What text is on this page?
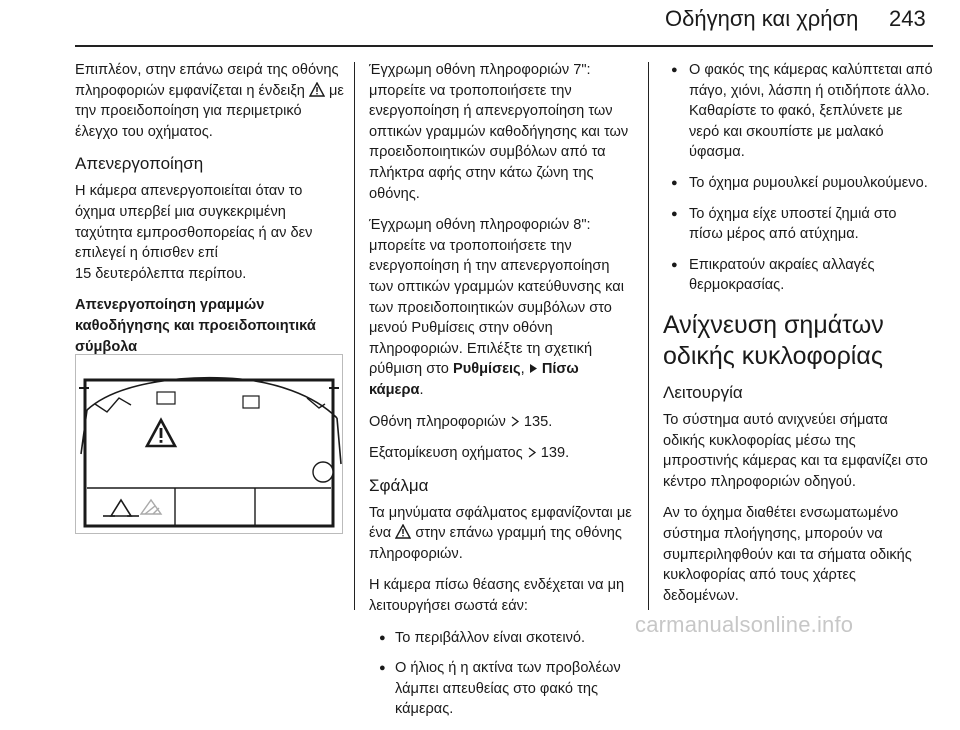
Οδήγηση και χρήση 243

Επιπλέον, στην επάνω σειρά της οθόνης πληροφοριών εμφανίζεται η ένδειξη με την προειδοποίηση για περιμετρικό έλεγχο του οχήματος.

Απενεργοποίηση

Η κάμερα απενεργοποιείται όταν το όχημα υπερβεί μια συγκεκριμένη ταχύτητα εμπροσθοπορείας ή αν δεν επιλεγεί η όπισθεν επί
15 δευτερόλεπτα περίπου.

Απενεργοποίηση γραμμών καθοδήγησης και προειδοποιητικά σύμβολα

Έγχρωμη οθόνη πληροφοριών 7": μπορείτε να τροποποιήσετε την ενεργοποίηση ή απενεργοποίηση των οπτικών γραμμών καθοδήγησης και των προειδοποιητικών συμβόλων από τα πλήκτρα αφής στην κάτω ζώνη της οθόνης.

Έγχρωμη οθόνη πληροφοριών 8": μπορείτε να τροποποιήσετε την ενεργοποίηση ή την απενεργοποίηση των οπτικών γραμμών κατεύθυνσης και των προειδοποιητικών συμβόλων στο μενού Ρυθμίσεις στην οθόνη πληροφοριών. Επιλέξτε τη σχετική ρύθμιση στο Ρυθμίσεις,  Πίσω κάμερα.

Οθόνη πληροφοριών 135.

Εξατομίκευση οχήματος 139.

Σφάλμα

Τα μηνύματα σφάλματος εμφανίζονται με ένα στην επάνω γραμμή της οθόνης πληροφοριών.

Η κάμερα πίσω θέασης ενδέχεται να μη λειτουργήσει σωστά εάν:

● Το περιβάλλον είναι σκοτεινό.
● Ο ήλιος ή η ακτίνα των προβολέων λάμπει απευθείας στο φακό της κάμερας.
● Ο φακός της κάμερας καλύπτεται από πάγο, χιόνι, λάσπη ή οτιδήποτε άλλο. Καθαρίστε το φακό, ξεπλύνετε με νερό και σκουπίστε με μαλακό ύφασμα.
● Το όχημα ρυμουλκεί ρυμουλκούμενο.
● Το όχημα είχε υποστεί ζημιά στο πίσω μέρος από ατύχημα.
● Επικρατούν ακραίες αλλαγές θερμοκρασίας.
Ανίχνευση σημάτων οδικής κυκλοφορίας
Λειτουργία

Το σύστημα αυτό ανιχνεύει σήματα οδικής κυκλοφορίας μέσω της μπροστινής κάμερας και τα εμφανίζει στο κέντρο πληροφοριών οδηγού.

Αν το όχημα διαθέτει ενσωματωμένο σύστημα πλοήγησης, μπορούν να συμπεριληφθούν και τα σήματα οδικής κυκλοφορίας από τους χάρτες δεδομένων.

carmanualsonline.info
